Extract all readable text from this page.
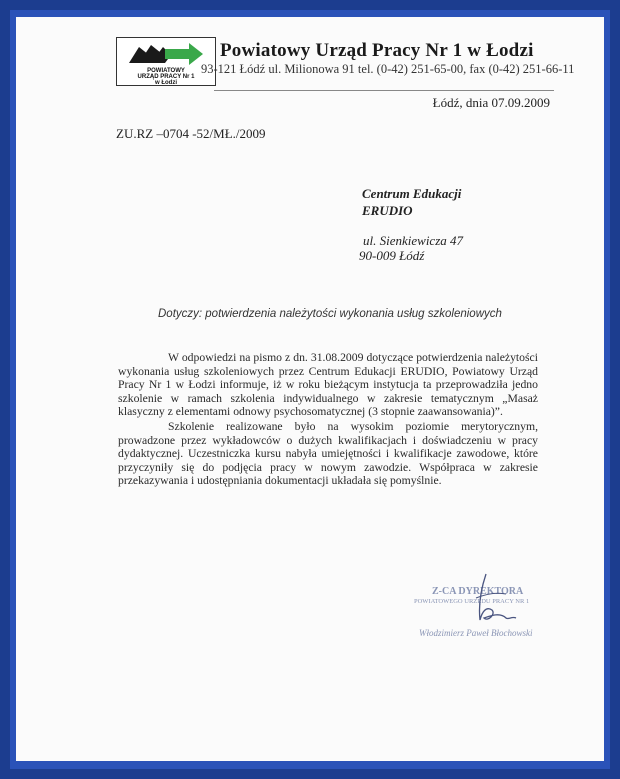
POWIATOWY
URZĄD PRACY Nr 1
w Łodzi
Powiatowy Urząd Pracy Nr 1 w Łodzi
93-121 Łódź ul. Milionowa 91 tel. (0-42) 251-65-00, fax (0-42) 251-66-11
Łódź, dnia 07.09.2009
ZU.RZ –0704 -52/MŁ./2009
Centrum Edukacji
ERUDIO
ul. Sienkiewicza 47
90-009 Łódź
Dotyczy: potwierdzenia należytości wykonania usług szkoleniowych
W odpowiedzi na pismo z dn. 31.08.2009 dotyczące potwierdzenia należytości wykonania usług szkoleniowych przez Centrum Edukacji ERUDIO, Powiatowy Urząd Pracy Nr 1 w Łodzi informuje, iż w roku bieżącym instytucja ta przeprowadziła jedno szkolenie w ramach szkolenia indywidualnego w zakresie tematycznym „Masaż klasyczny z elementami odnowy psychosomatycznej (3 stopnie zaawansowania)”.
Szkolenie realizowane było na wysokim poziomie merytorycznym, prowadzone przez wykładowców o dużych kwalifikacjach i doświadczeniu w pracy dydaktycznej. Uczestniczka kursu nabyła umiejętności i kwalifikacje zawodowe, które przyczyniły się do podjęcia pracy w nowym zawodzie. Współpraca w zakresie przekazywania i udostępniania dokumentacji układała się pomyślnie.
Z-CA DYREKTORA
POWIATOWEGO URZĘDU PRACY NR 1
Włodzimierz Paweł Błochowski
